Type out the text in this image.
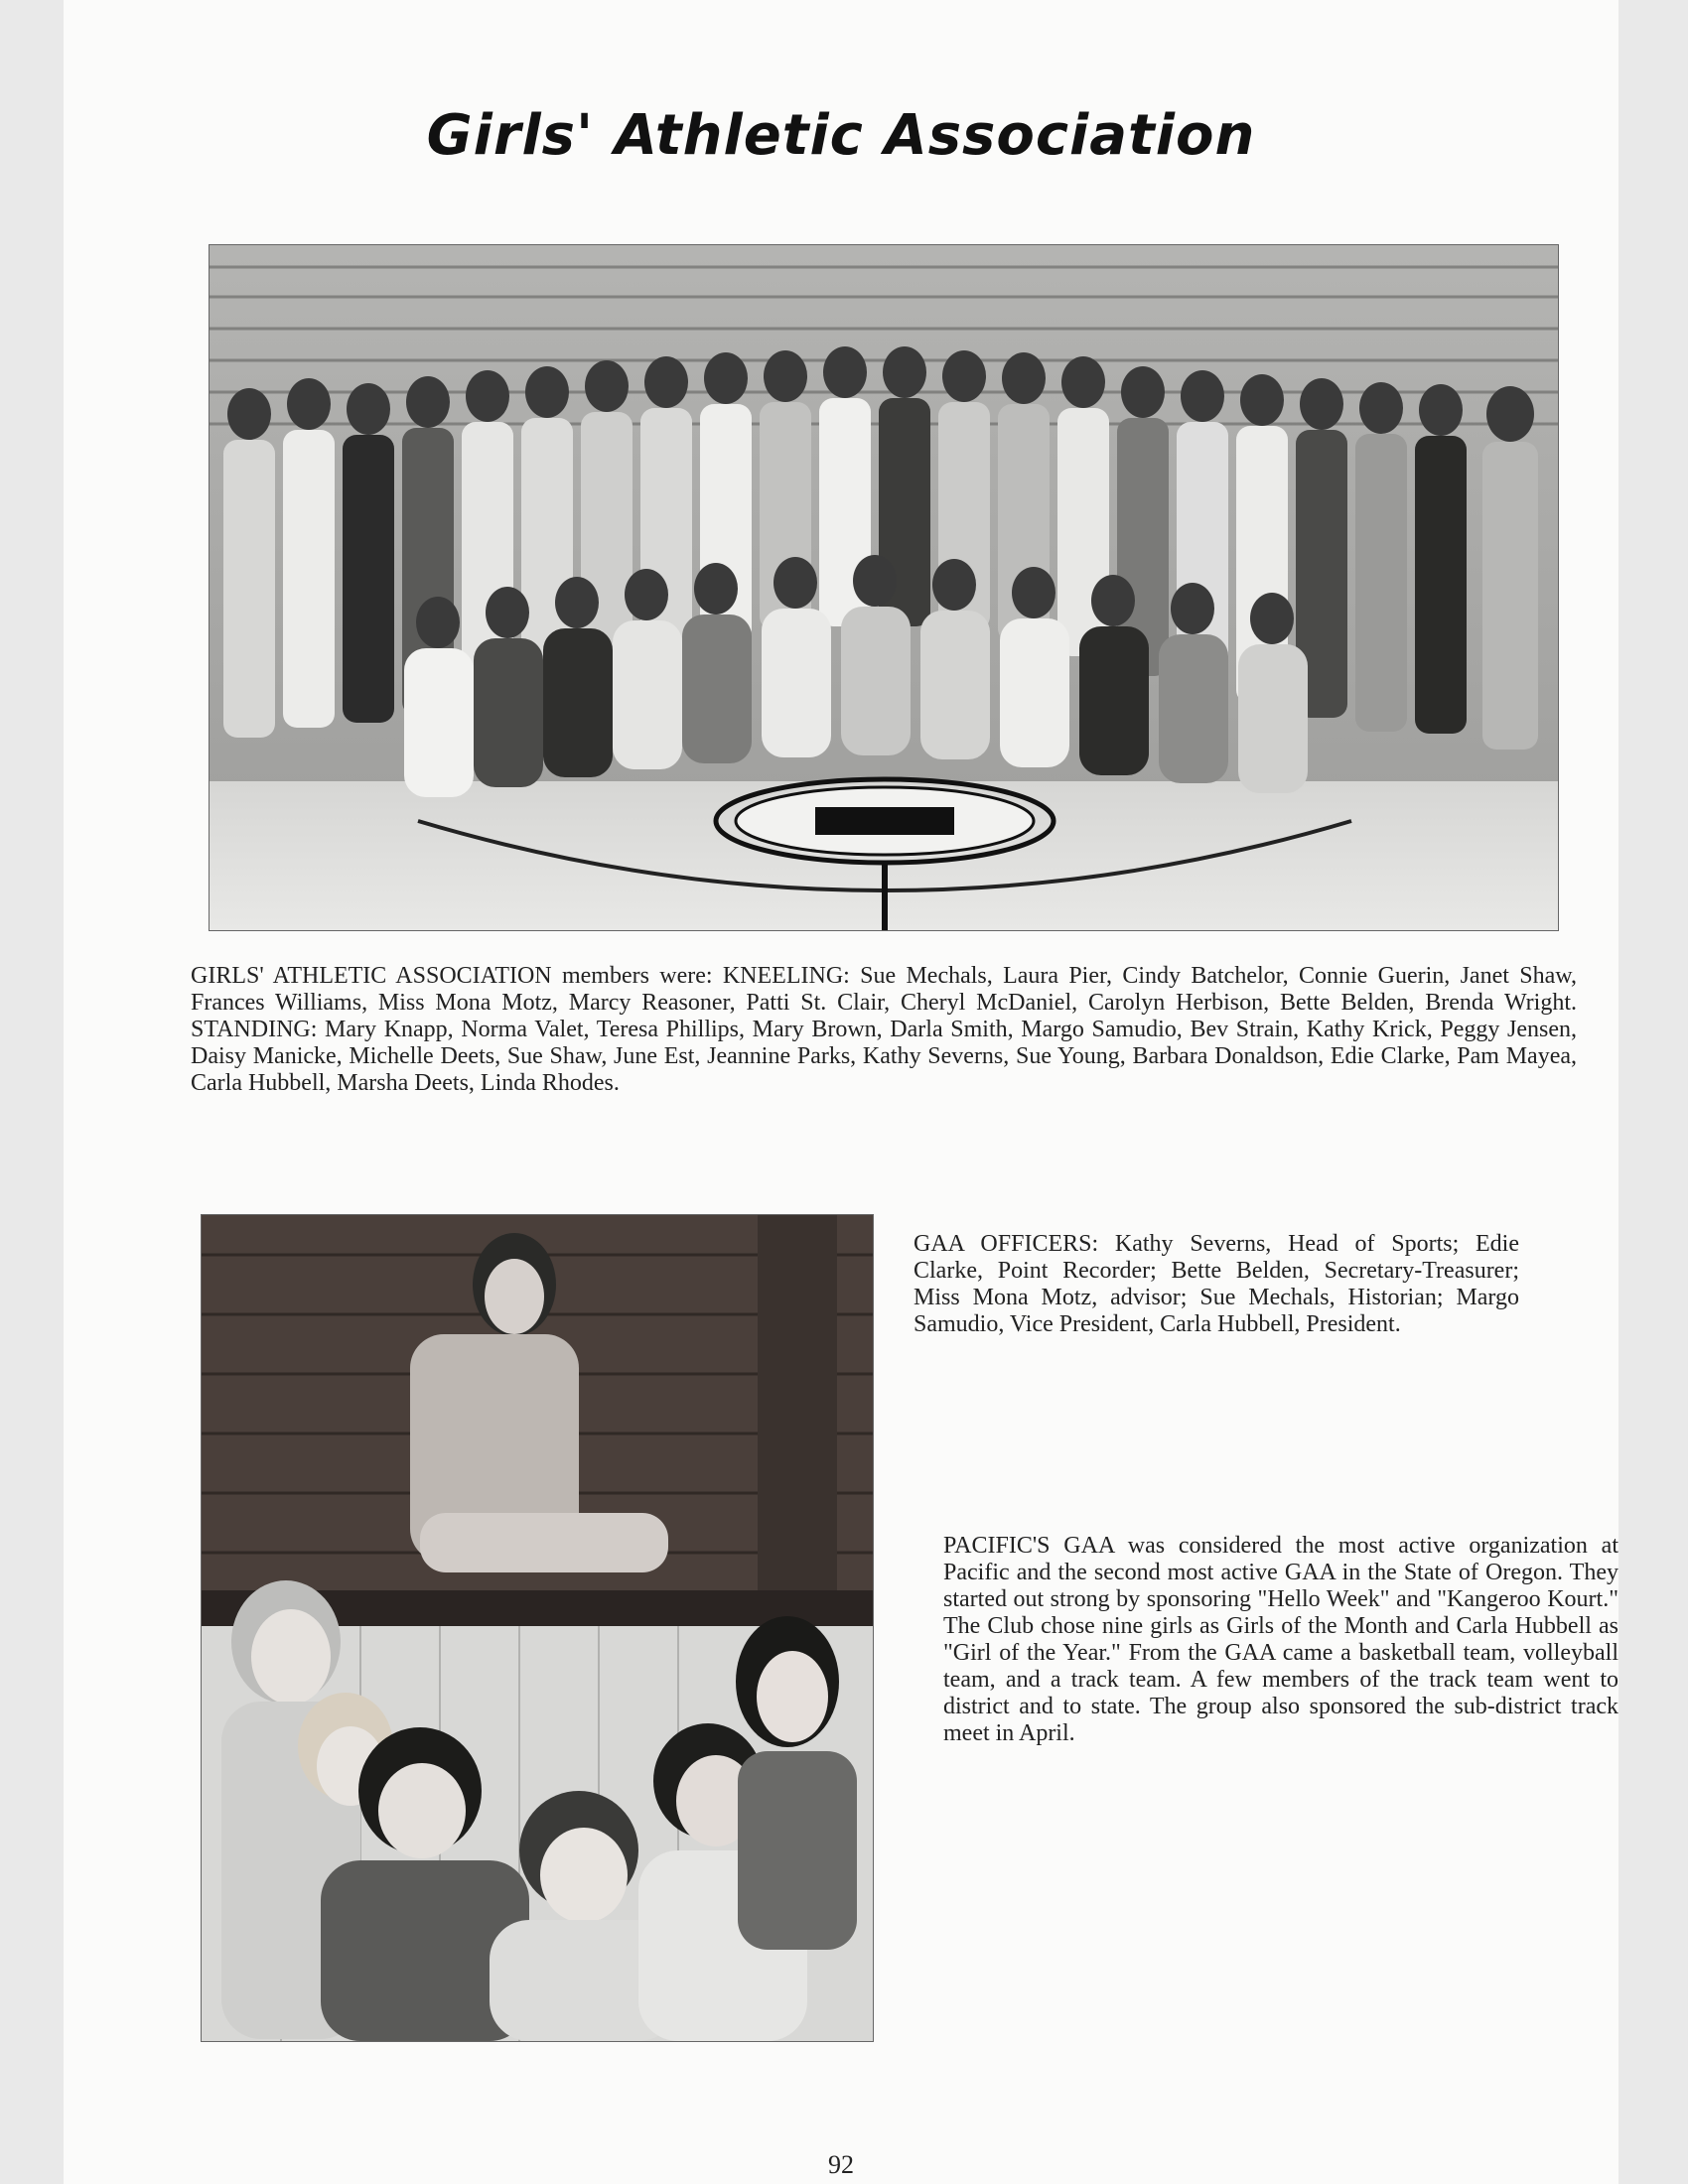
Girls' Athletic Association
GIRLS' ATHLETIC ASSOCIATION members were: KNEELING: Sue Mechals, Laura Pier, Cindy Batchelor, Connie Guerin, Janet Shaw, Frances Williams, Miss Mona Motz, Marcy Reasoner, Patti St. Clair, Cheryl McDaniel, Carolyn Herbison, Bette Belden, Brenda Wright. STANDING: Mary Knapp, Norma Valet, Teresa Phillips, Mary Brown, Darla Smith, Margo Samudio, Bev Strain, Kathy Krick, Peggy Jensen, Daisy Manicke, Michelle Deets, Sue Shaw, June Est, Jeannine Parks, Kathy Severns, Sue Young, Barbara Donaldson, Edie Clarke, Pam Mayea, Carla Hubbell, Marsha Deets, Linda Rhodes.
GAA OFFICERS: Kathy Severns, Head of Sports; Edie Clarke, Point Recorder; Bette Belden, Secretary-Treasurer; Miss Mona Motz, advisor; Sue Mechals, Historian; Margo Samudio, Vice President, Carla Hubbell, President.
PACIFIC'S GAA was considered the most active organization at Pacific and the second most active GAA in the State of Oregon. They started out strong by sponsoring "Hello Week" and "Kangeroo Kourt." The Club chose nine girls as Girls of the Month and Carla Hubbell as "Girl of the Year." From the GAA came a basketball team, volleyball team, and a track team. A few members of the track team went to district and to state. The group also sponsored the sub-district track meet in April.
92
